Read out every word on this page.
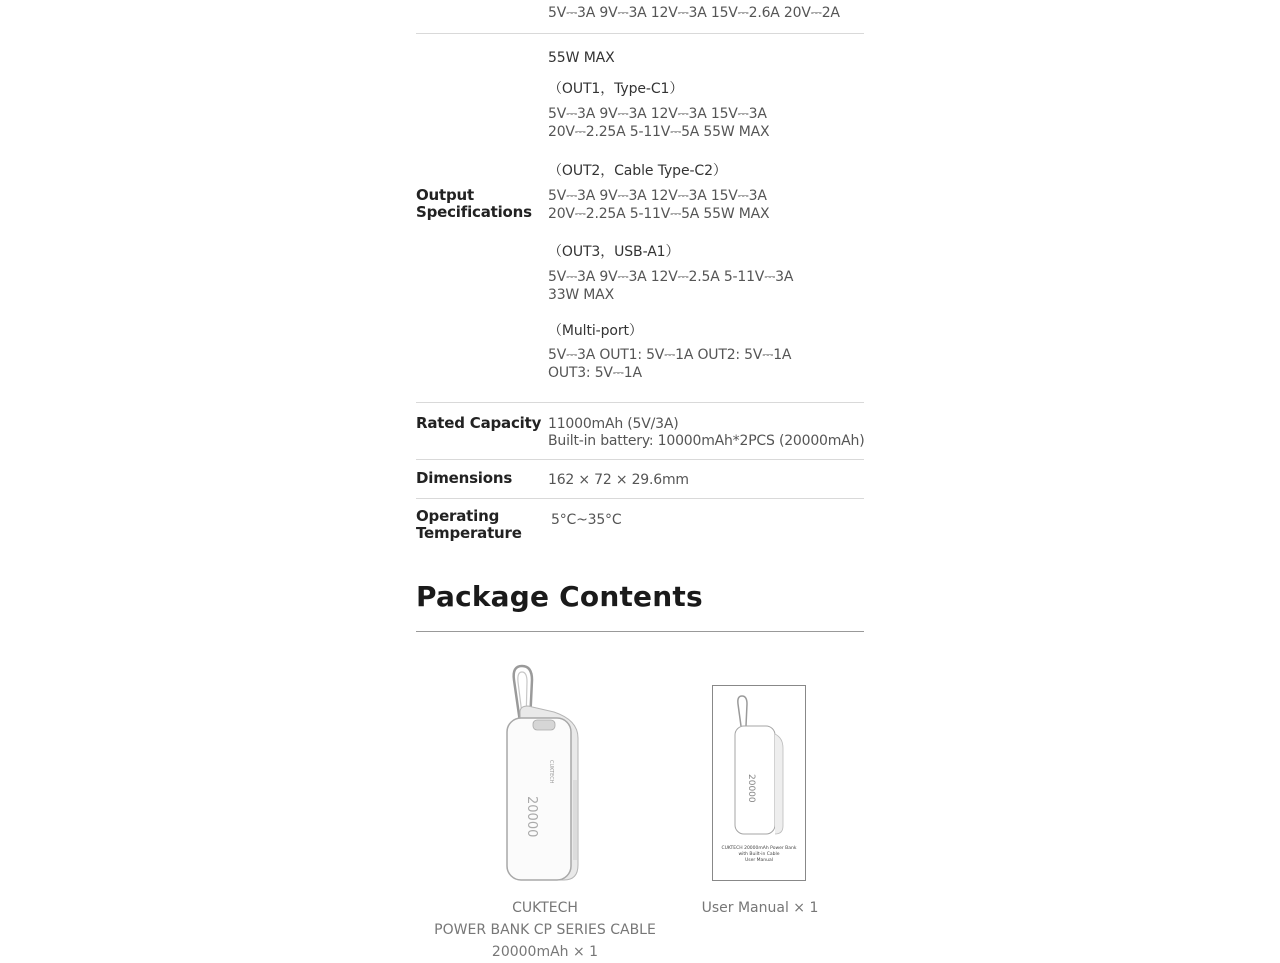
5V⎓3A 9V⎓3A 12V⎓3A 15V⎓2.6A 20V⎓2A
Output Specifications
55W MAX
（OUT1，Type-C1）
5V⎓3A 9V⎓3A 12V⎓3A 15V⎓3A
20V⎓2.25A 5-11V⎓5A 55W MAX
（OUT2，Cable Type-C2）
5V⎓3A 9V⎓3A 12V⎓3A 15V⎓3A
20V⎓2.25A 5-11V⎓5A 55W MAX
（OUT3，USB-A1）
5V⎓3A 9V⎓3A 12V⎓2.5A 5-11V⎓3A
33W MAX
（Multi-port）
5V⎓3A OUT1: 5V⎓1A OUT2: 5V⎓1A
OUT3: 5V⎓1A
Rated Capacity 11000mAh (5V/3A)
Built-in battery: 10000mAh*2PCS (20000mAh)
Dimensions	162 × 72 × 29.6mm
Operating Temperature
5°C~35°C
Package Contents
CUKTECH
20000
20000
CUKTECH 20000mAh Power Bank
with Built-in Cable
User Manual
CUKTECH
POWER BANK CP SERIES CABLE
20000mAh × 1
User Manual × 1
